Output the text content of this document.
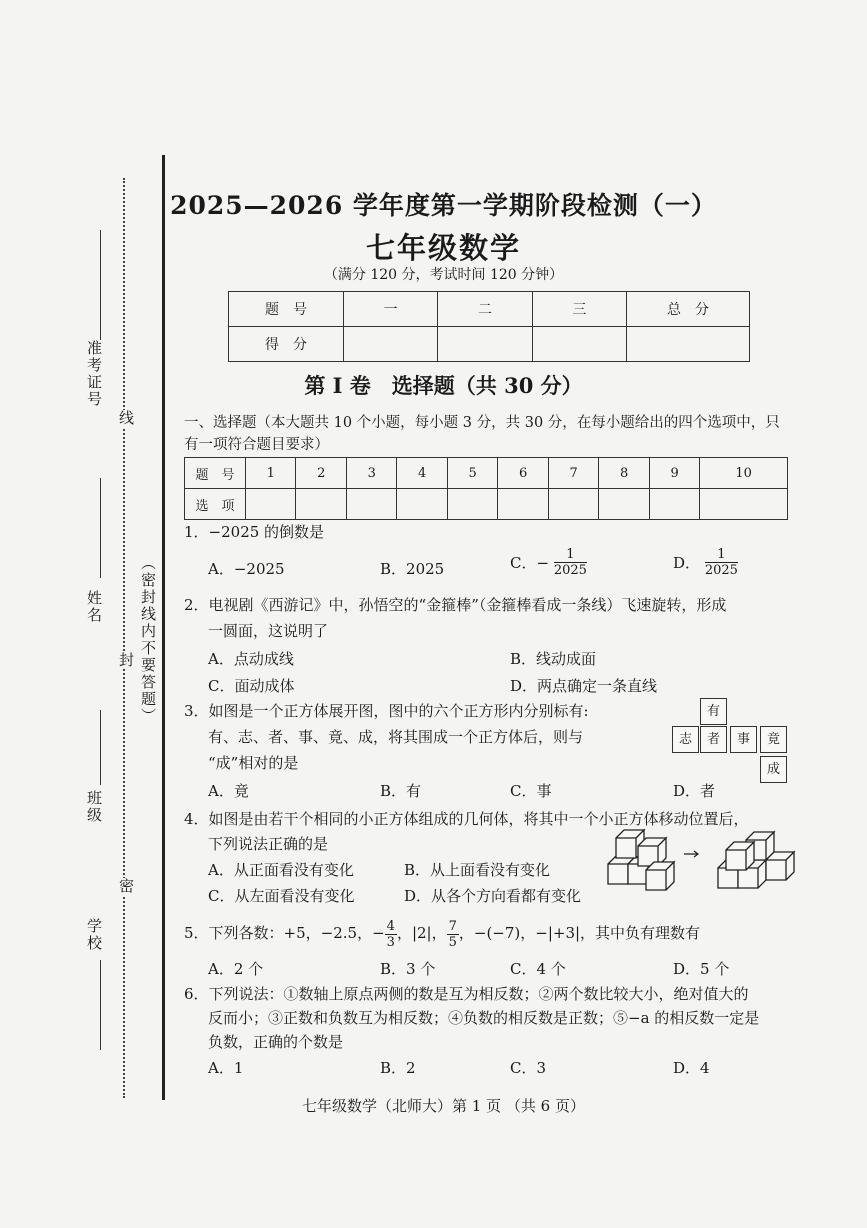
准考证号
线
姓名
封 （密封线内不要答题）
班级
密
学校
2025—2026 学年度第一学期阶段检测（一）
七年级数学
（满分 120 分，考试时间 120 分钟）
题　号	一	二	三	总　分
得　分				
第 Ⅰ 卷　选择题（共 30 分）
一、选择题（本大题共 10 个小题，每小题 3 分，共 30 分，在每小题给出的四个选项中，只有一项符合题目要求）
题　号	1	2	3	4	5	6	7	8	9	10
选　项										
1．−2025 的倒数是
A．−2025	B．2025	C．− $\frac{1}{2025}$	D． $\frac{1}{2025}$
2．电视剧《西游记》中，孙悟空的“金箍棒”（金箍棒看成一条线）飞速旋转，形成
一圆面，这说明了
A．点动成线	B．线动成面
C．面动成体	D．两点确定一条直线
3．如图是一个正方体展开图，图中的六个正方形内分别标有:
有、志、者、事、竟、成，将其围成一个正方体后，则与
“成”相对的是
有
志	者	事	竟
成
A．竟	B．有	C．事	D．者
4．如图是由若干个相同的小正方体组成的几何体，将其中一个小正方体移动位置后，
下列说法正确的是
A．从正面看没有变化	B．从上面看没有变化
C．从左面看没有变化	D．从各个方向看都有变化
5．下列各数：+5，−2.5，− $\frac{4}{3}$ ，|2|， $\frac{7}{5}$ ，−(−7)，−|+3|，其中负有理数有
A．2 个	B．3 个	C．4 个	D．5 个
6．下列说法：①数轴上原点两侧的数是互为相反数；②两个数比较大小，绝对值大的
反而小；③正数和负数互为相反数；④负数的相反数是正数；⑤−a 的相反数一定是
负数，正确的个数是
A．1	B．2	C．3	D．4
七年级数学（北师大）第 1 页 （共 6 页）
